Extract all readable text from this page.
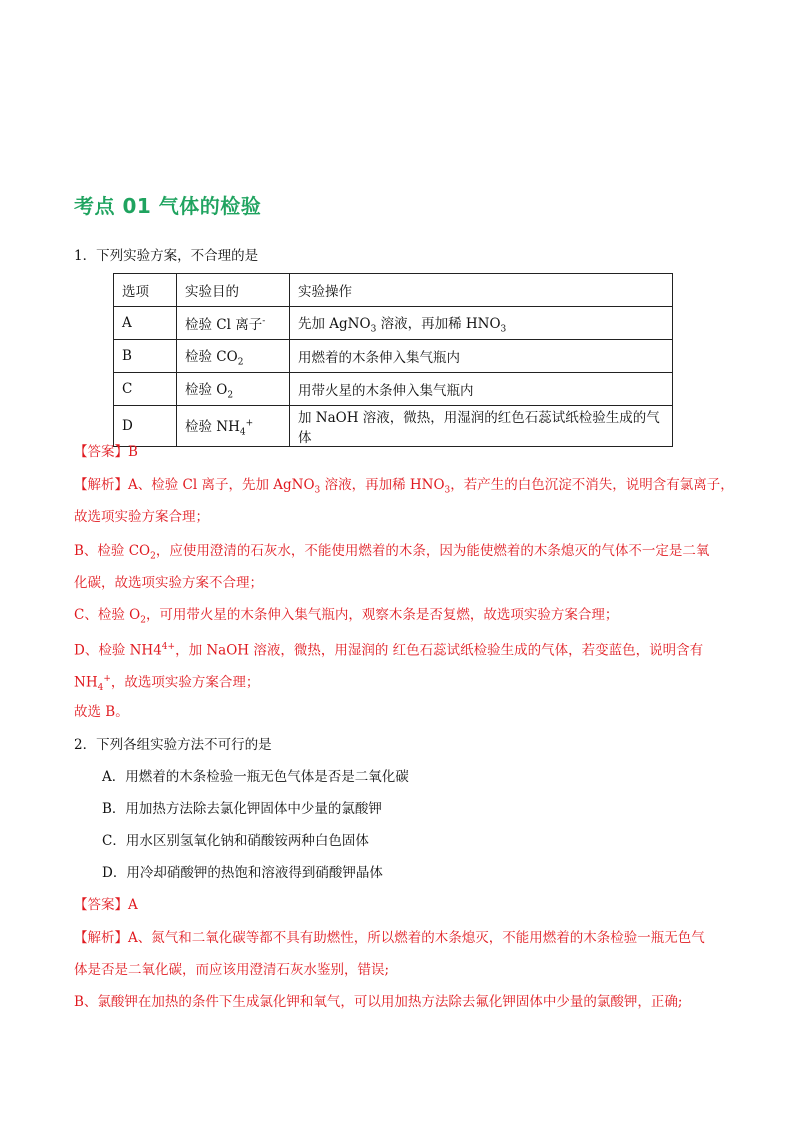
考点 01 气体的检验
1．下列实验方案，不合理的是
选项	实验目的	实验操作
A	检验 Cl 离子-	先加 AgNO$_3$ 溶液，再加稀 $HNO_3$
B	检验 $CO_2$	用燃着的木条伸入集气瓶内
C	检验 $O_2$	用带火星的木条伸入集气瓶内
D	检验 $NH_4^+$	加 NaOH 溶液，微热，用湿润的红色石蕊试纸检验生成的气体
【答案】B
【解析】A、检验 Cl 离子，先加 AgNO$_3$ 溶液，再加稀 $HNO_3$，若产生的白色沉淀不消失，说明含有氯离子，
故选项实验方案合理；
B、检验 $CO_2$，应使用澄清的石灰水，不能使用燃着的木条，因为能使燃着的木条熄灭的气体不一定是二氧
化碳，故选项实验方案不合理；
C、检验 $O_2$，可用带火星的木条伸入集气瓶内，观察木条是否复燃，故选项实验方案合理；
D、检验 $NH4^{4+}$，加 NaOH 溶液，微热，用湿润的 红色石蕊试纸检验生成的气体，若变蓝色，说明含有
$NH_4^+$，故选项实验方案合理；
故选 B。
2．下列各组实验方法不可行的是
A．用燃着的木条检验一瓶无色气体是否是二氧化碳
B．用加热方法除去氯化钾固体中少量的氯酸钾
C．用水区别氢氧化钠和硝酸铵两种白色固体
D．用冷却硝酸钾的热饱和溶液得到硝酸钾晶体
【答案】A
【解析】A、氮气和二氧化碳等都不具有助燃性，所以燃着的木条熄灭，不能用燃着的木条检验一瓶无色气
体是否是二氧化碳，而应该用澄清石灰水鉴别，错误;
B、氯酸钾在加热的条件下生成氯化钾和氧气，可以用加热方法除去氟化钾固体中少量的氯酸钾，正确;
